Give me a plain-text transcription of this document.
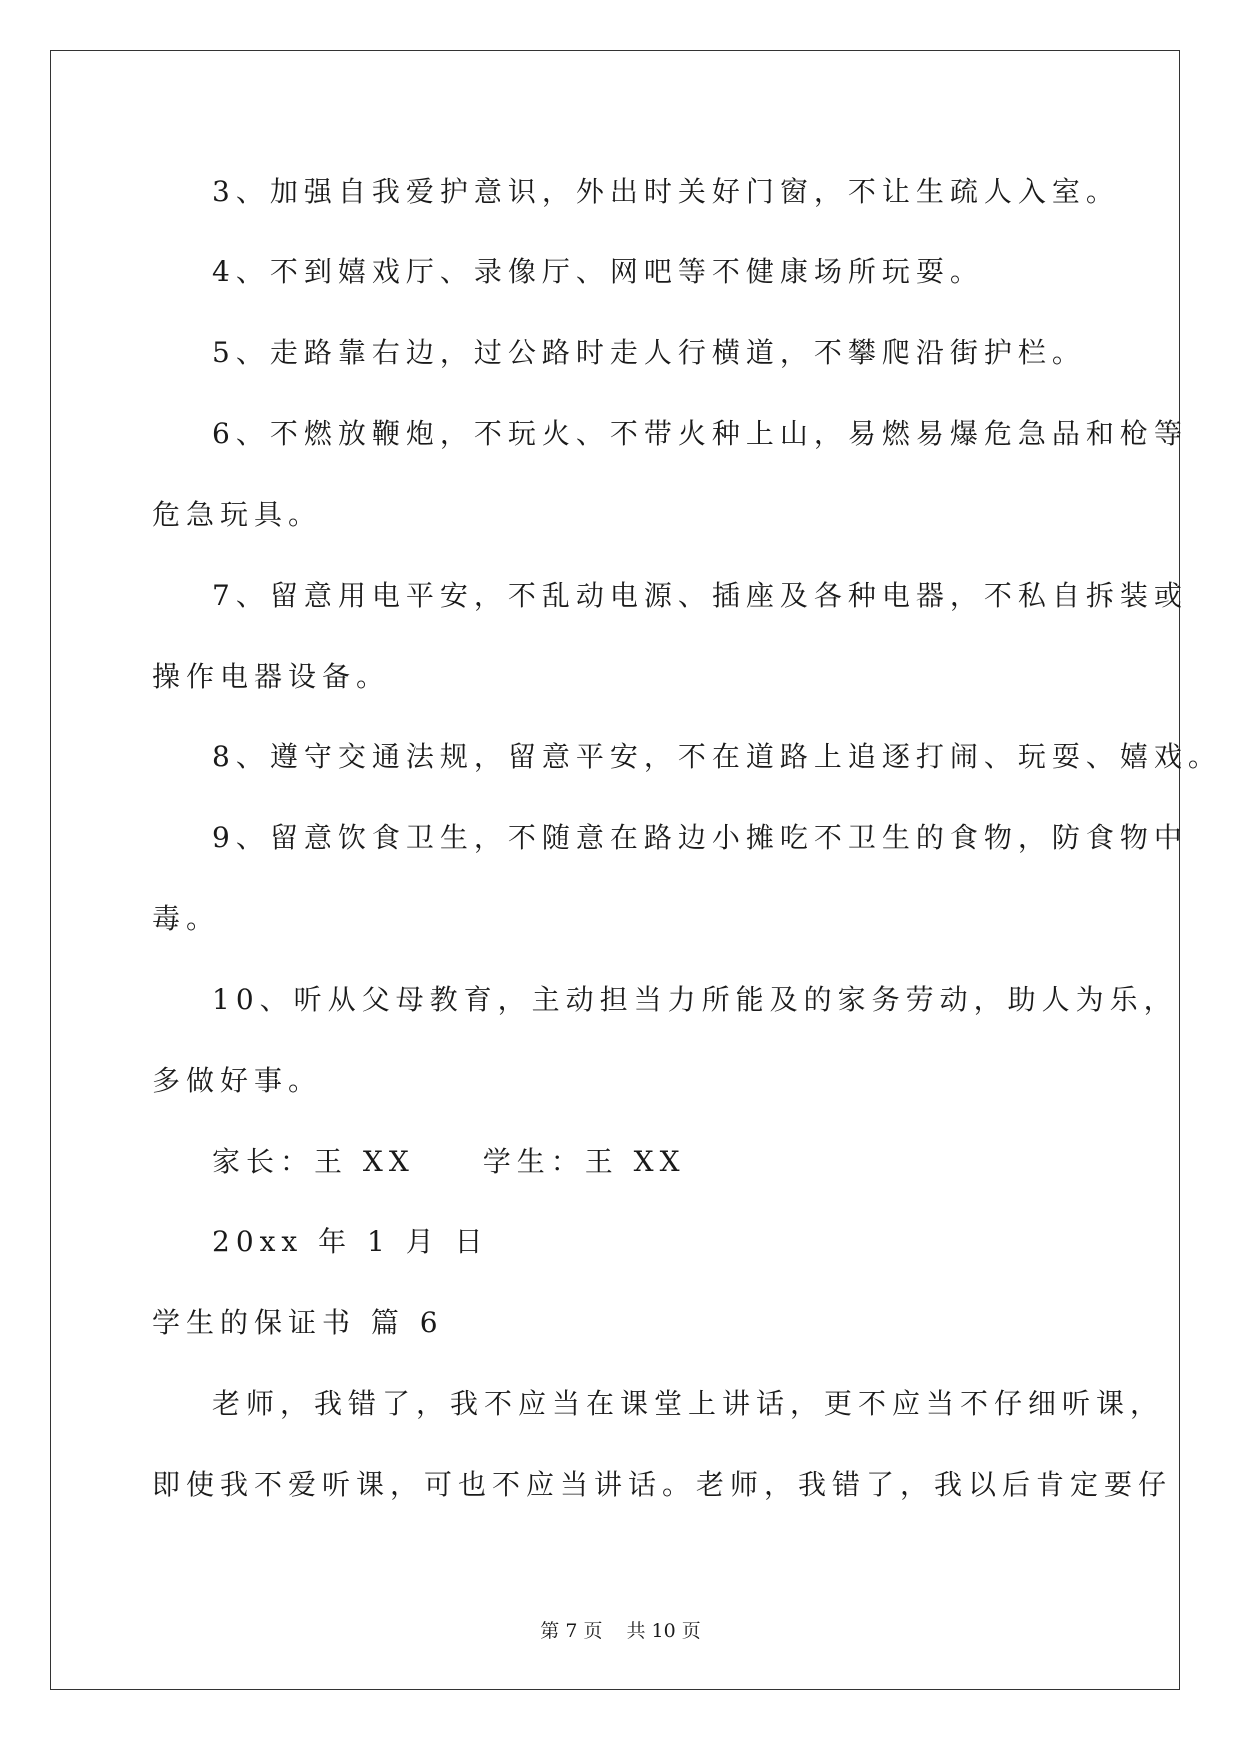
3、加强自我爱护意识，外出时关好门窗，不让生疏人入室。
4、不到嬉戏厅、录像厅、网吧等不健康场所玩耍。
5、走路靠右边，过公路时走人行横道，不攀爬沿街护栏。
6、不燃放鞭炮，不玩火、不带火种上山，易燃易爆危急品和枪等
危急玩具。
7、留意用电平安，不乱动电源、插座及各种电器，不私自拆装或
操作电器设备。
8、遵守交通法规，留意平安，不在道路上追逐打闹、玩耍、嬉戏。
9、留意饮食卫生，不随意在路边小摊吃不卫生的食物，防食物中
毒。
10、听从父母教育，主动担当力所能及的家务劳动，助人为乐，
多做好事。
家长：王 XX　　学生：王 XX
20xx 年 1 月 日
学生的保证书 篇 6
老师，我错了，我不应当在课堂上讲话，更不应当不仔细听课，
即使我不爱听课，可也不应当讲话。老师，我错了，我以后肯定要仔
第 7 页 共 10 页
